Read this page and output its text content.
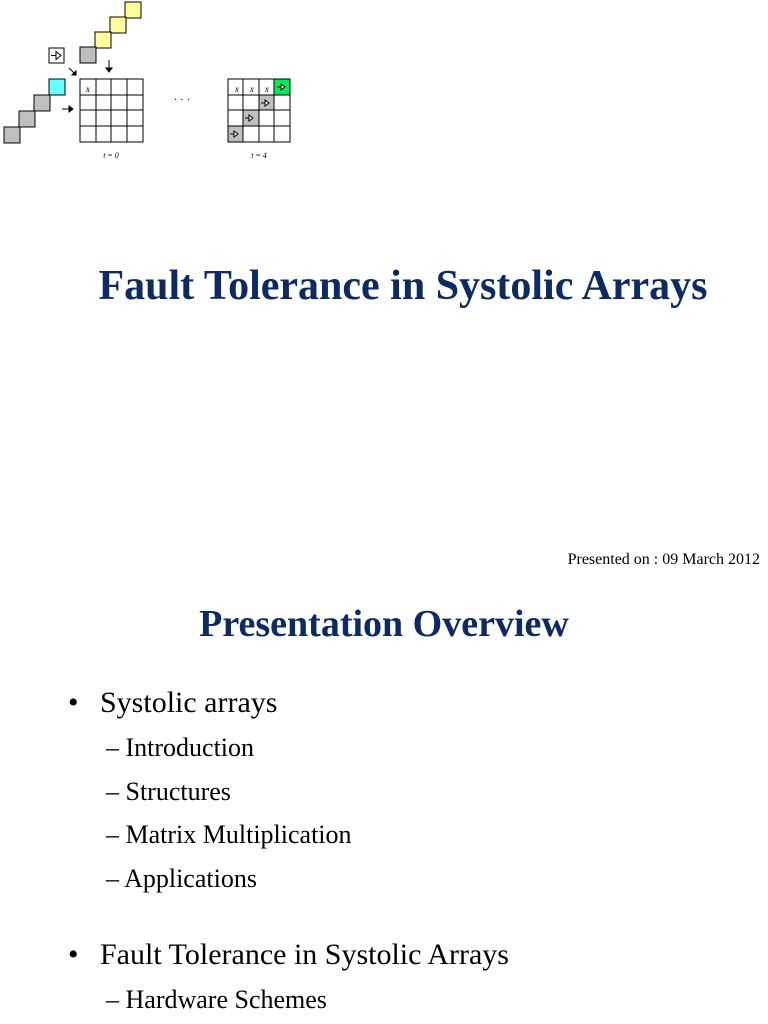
x
t = 0
· · ·
x x x
t = 4
Fault Tolerance in Systolic Arrays
Presented on : 09 March 2012
Presentation Overview
• Systolic arrays
– Introduction
– Structures
– Matrix Multiplication
– Applications
• Fault Tolerance in Systolic Arrays
– Hardware Schemes
